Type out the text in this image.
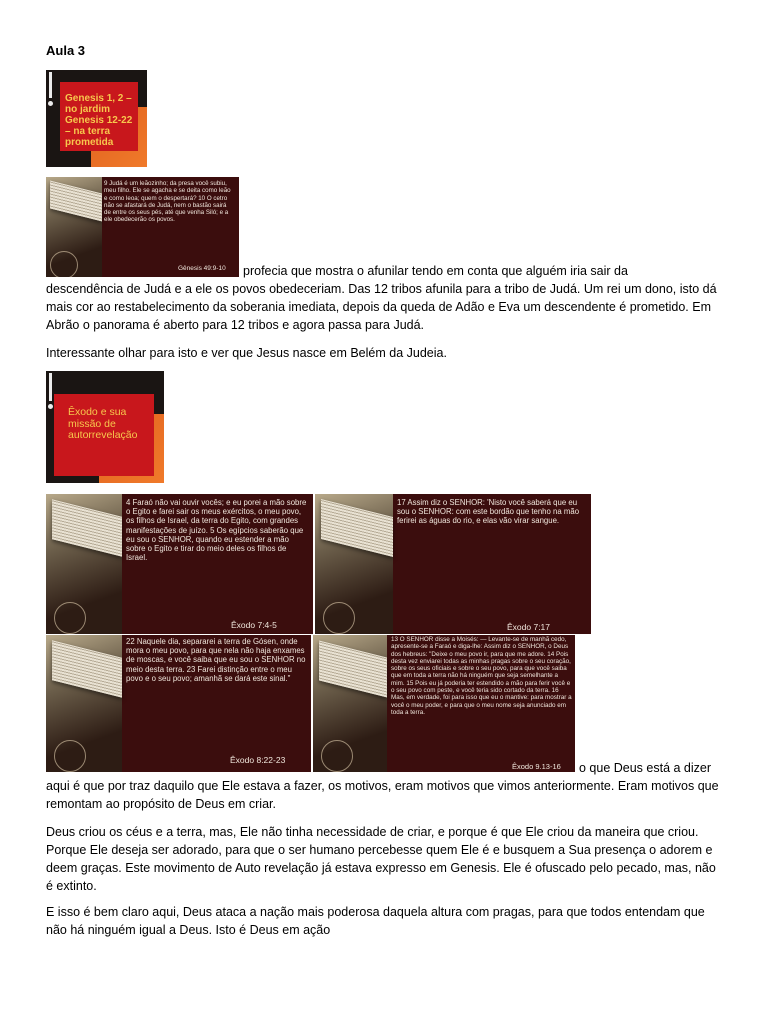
Aula 3
Genesis 1, 2 – no jardim Genesis 12-22 – na terra prometida
9 Judá é um leãozinho; da presa você subiu, meu filho. Ele se agacha e se deita como leão e como leoa; quem o despertará? 10 O cetro não se afastará de Judá, nem o bastão sairá de entre os seus pés, até que venha Siló; e a ele obedecerão os povos.
Gênesis 49:9-10 profecia que mostra o afunilar tendo em conta que alguém iria sair da

descendência de Judá e a ele os povos obedeceriam. Das 12 tribos afunila para a tribo de Judá. Um rei um dono, isto dá mais cor ao restabelecimento da soberania imediata, depois da queda de Adão e Eva um descendente é prometido. Em Abrão o panorama é aberto para 12 tribos e agora passa para Judá.

Interessante olhar para isto e ver que Jesus nasce em Belém da Judeia.

Êxodo e sua missão de autorrevelação
4 Faraó não vai ouvir vocês; e eu porei a mão sobre o Egito e farei sair os meus exércitos, o meu povo, os filhos de Israel, da terra do Egito, com grandes manifestações de juízo. 5 Os egípcios saberão que eu sou o SENHOR, quando eu estender a mão sobre o Egito e tirar do meio deles os filhos de Israel.
Êxodo 7:4-5
17 Assim diz o SENHOR: 'Nisto você saberá que eu sou o SENHOR: com este bordão que tenho na mão ferirei as águas do rio, e elas vão virar sangue.
Êxodo 7:17
22 Naquele dia, separarei a terra de Gósen, onde mora o meu povo, para que nela não haja enxames de moscas, e você saiba que eu sou o SENHOR no meio desta terra. 23 Farei distinção entre o meu povo e o seu povo; amanhã se dará este sinal."
Êxodo 8:22-23
13 O SENHOR disse a Moisés: — Levante-se de manhã cedo, apresente-se a Faraó e diga-lhe: Assim diz o SENHOR, o Deus dos hebreus: "Deixe o meu povo ir, para que me adore. 14 Pois desta vez enviarei todas as minhas pragas sobre o seu coração, sobre os seus oficiais e sobre o seu povo, para que você saiba que em toda a terra não há ninguém que seja semelhante a mim. 15 Pois eu já poderia ter estendido a mão para ferir você e o seu povo com peste, e você teria sido cortado da terra. 16 Mas, em verdade, foi para isso que eu o mantive: para mostrar a você o meu poder, e para que o meu nome seja anunciado em toda a terra.
Êxodo 9.13-16 o que Deus está a dizer

aqui é que por traz daquilo que Ele estava a fazer, os motivos, eram motivos que vimos anteriormente. Eram motivos que remontam ao propósito de Deus em criar.

Deus criou os céus e a terra, mas, Ele não tinha necessidade de criar, e porque é que Ele criou da maneira que criou. Porque Ele deseja ser adorado, para que o ser humano percebesse quem Ele é e busquem a Sua presença o adorem e deem graças. Este movimento de Auto revelação já estava expresso em Genesis. Ele é ofuscado pelo pecado, mas, não é extinto.

E isso é bem claro aqui, Deus ataca a nação mais poderosa daquela altura com pragas, para que todos entendam que não há ninguém igual a Deus. Isto é Deus em ação
